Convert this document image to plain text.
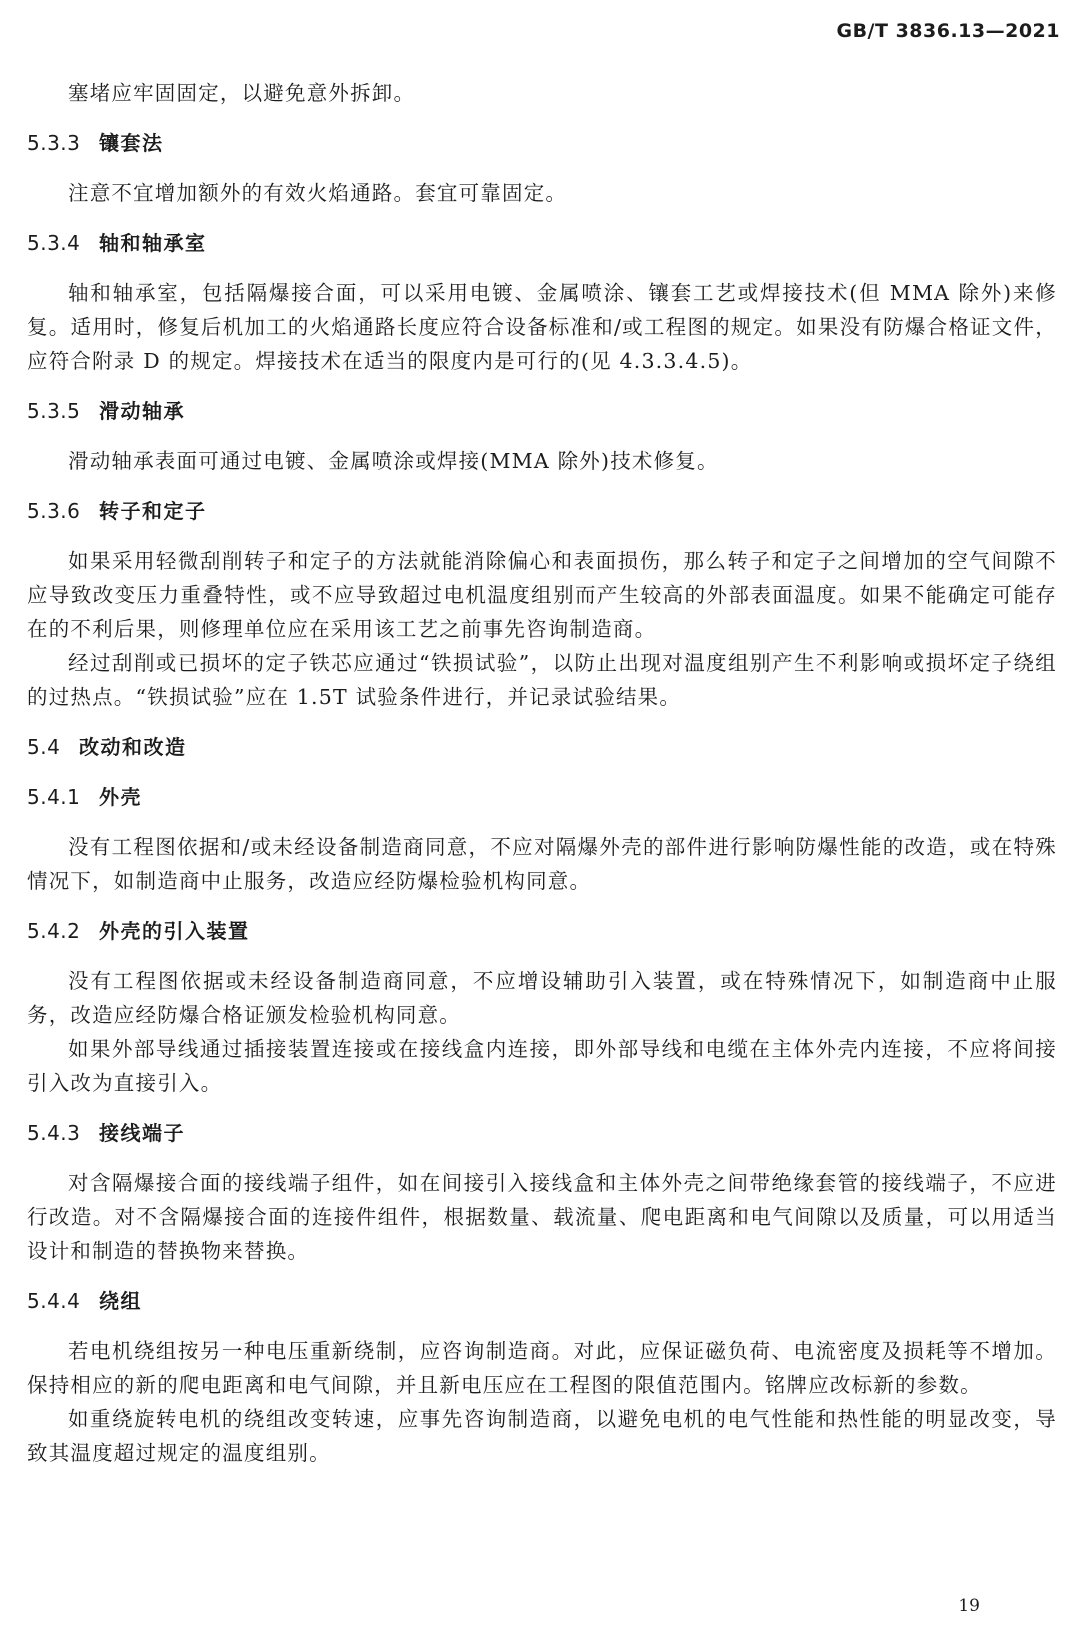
GB/T 3836.13—2021

塞堵应牢固固定，以避免意外拆卸。

5.3.3 镶套法

注意不宜增加额外的有效火焰通路。套宜可靠固定。

5.3.4 轴和轴承室

轴和轴承室，包括隔爆接合面，可以采用电镀、金属喷涂、镶套工艺或焊接技术(但 MMA 除外)来修复。适用时，修复后机加工的火焰通路长度应符合设备标准和/或工程图的规定。如果没有防爆合格证文件，应符合附录 D 的规定。焊接技术在适当的限度内是可行的(见 4.3.3.4.5)。

5.3.5 滑动轴承

滑动轴承表面可通过电镀、金属喷涂或焊接(MMA 除外)技术修复。

5.3.6 转子和定子

如果采用轻微刮削转子和定子的方法就能消除偏心和表面损伤，那么转子和定子之间增加的空气间隙不应导致改变压力重叠特性，或不应导致超过电机温度组别而产生较高的外部表面温度。如果不能确定可能存在的不利后果，则修理单位应在采用该工艺之前事先咨询制造商。

经过刮削或已损坏的定子铁芯应通过“铁损试验”，以防止出现对温度组别产生不利影响或损坏定子绕组的过热点。“铁损试验”应在 1.5T 试验条件进行，并记录试验结果。

5.4 改动和改造

5.4.1 外壳

没有工程图依据和/或未经设备制造商同意，不应对隔爆外壳的部件进行影响防爆性能的改造，或在特殊情况下，如制造商中止服务，改造应经防爆检验机构同意。

5.4.2 外壳的引入装置

没有工程图依据或未经设备制造商同意，不应增设辅助引入装置，或在特殊情况下，如制造商中止服务，改造应经防爆合格证颁发检验机构同意。

如果外部导线通过插接装置连接或在接线盒内连接，即外部导线和电缆在主体外壳内连接，不应将间接引入改为直接引入。

5.4.3 接线端子

对含隔爆接合面的接线端子组件，如在间接引入接线盒和主体外壳之间带绝缘套管的接线端子，不应进行改造。对不含隔爆接合面的连接件组件，根据数量、载流量、爬电距离和电气间隙以及质量，可以用适当设计和制造的替换物来替换。

5.4.4 绕组

若电机绕组按另一种电压重新绕制，应咨询制造商。对此，应保证磁负荷、电流密度及损耗等不增加。保持相应的新的爬电距离和电气间隙，并且新电压应在工程图的限值范围内。铭牌应改标新的参数。

如重绕旋转电机的绕组改变转速，应事先咨询制造商，以避免电机的电气性能和热性能的明显改变，导致其温度超过规定的温度组别。

19
